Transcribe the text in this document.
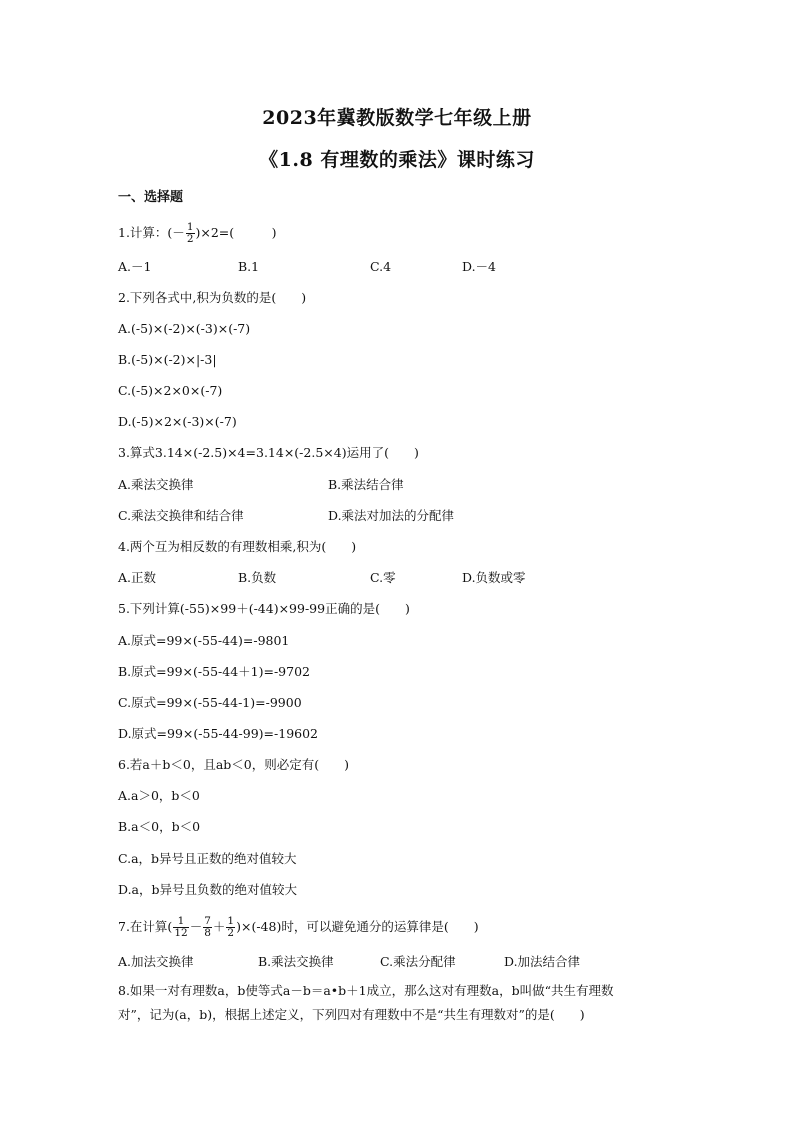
2023年冀教版数学七年级上册
《1.8 有理数的乘法》课时练习
一、选择题
1.计算：(－ $\frac{1}{2} )\times 2=$(　　　)
A.－1	B.1	C.4	D.－4
2.下列各式中,积为负数的是(　　)
A.(-5)×(-2)×(-3)×(-7)
B.(-5)×(-2)×|-3|
C.(-5)×2×0×(-7)
D.(-5)×2×(-3)×(-7)
3.算式3.14×(-2.5)×4=3.14×(-2.5×4)运用了(　　)
A.乘法交换律	B.乘法结合律
C.乘法交换律和结合律	D.乘法对加法的分配律
4.两个互为相反数的有理数相乘,积为(　　)
A.正数	B.负数	C.零	D.负数或零
5.下列计算(-55)×99＋(-44)×99-99正确的是(　　)
A.原式=99×(-55-44)=-9801
B.原式=99×(-55-44＋1)=-9702
C.原式=99×(-55-44-1)=-9900
D.原式=99×(-55-44-99)=-19602
6.若a＋b＜0，且ab＜0，则必定有(　　)
A.a＞0，b＜0
B.a＜0，b＜0
C.a，b异号且正数的绝对值较大
D.a，b异号且负数的绝对值较大
7.在计算( $\frac{1}{12} - \frac{7}{8} + \frac{1}{2} )\times(-48)$时，可以避免通分的运算律是(　　)
A.加法交换律	B.乘法交换律	C.乘法分配律	D.加法结合律
8.如果一对有理数a，b使等式a－b＝a•b＋1成立，那么这对有理数a，b叫做“共生有理数
对”，记为(a，b)，根据上述定义，下列四对有理数中不是“共生有理数对”的是(　　)
